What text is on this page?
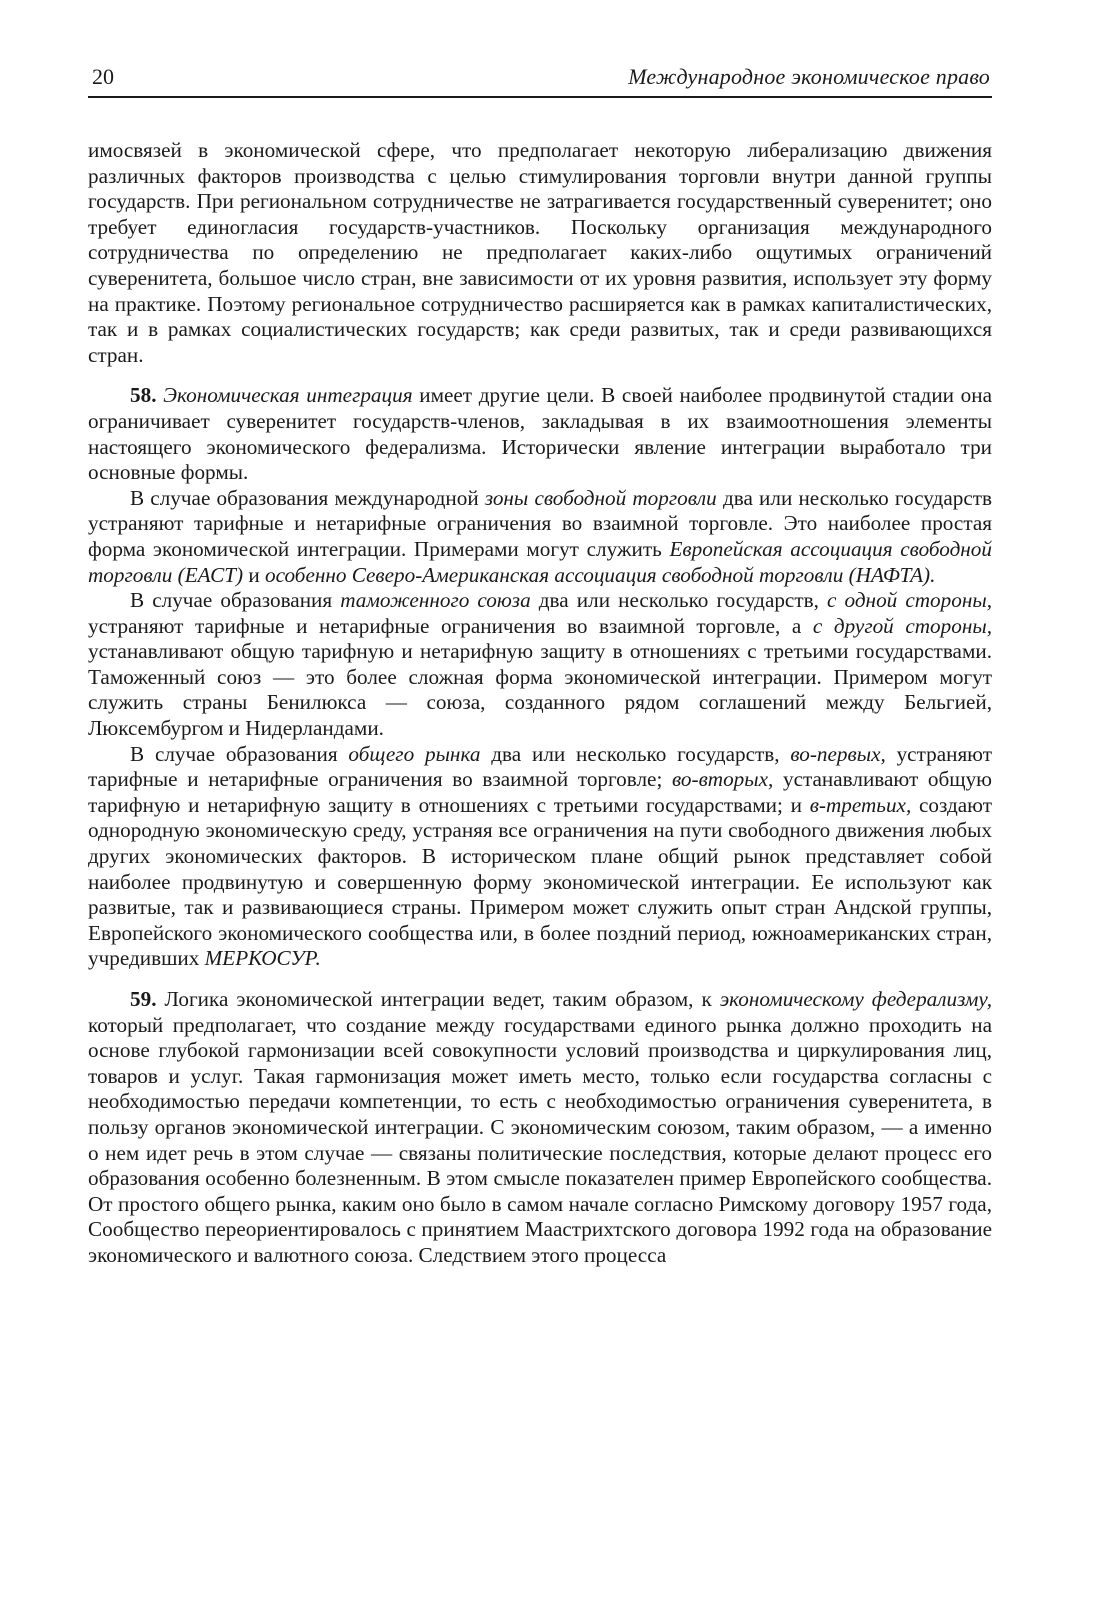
20	Международное экономическое право

имосвязей в экономической сфере, что предполагает некоторую либерализацию движения различных факторов производства с целью стимулирования торговли внутри данной группы государств. При региональном сотрудничестве не затрагивается государственный суверенитет; оно требует единогласия государств-участников. Поскольку организация международного сотрудничества по определению не предполагает каких-либо ощутимых ограничений суверенитета, большое число стран, вне зависимости от их уровня развития, использует эту форму на практике. Поэтому региональное сотрудничество расширяется как в рамках капиталистических, так и в рамках социалистических государств; как среди развитых, так и среди развивающихся стран.

58. Экономическая интеграция имеет другие цели. В своей наиболее продвинутой стадии она ограничивает суверенитет государств-членов, закладывая в их взаимоотношения элементы настоящего экономического федерализма. Исторически явление интеграции выработало три основные формы.

В случае образования международной зоны свободной торговли два или несколько государств устраняют тарифные и нетарифные ограничения во взаимной торговле. Это наиболее простая форма экономической интеграции. Примерами могут служить Европейская ассоциация свободной торговли (ЕАСТ) и особенно Северо-Американская ассоциация свободной торговли (НАФТА).

В случае образования таможенного союза два или несколько государств, с одной стороны, устраняют тарифные и нетарифные ограничения во взаимной торговле, а с другой стороны, устанавливают общую тарифную и нетарифную защиту в отношениях с третьими государствами. Таможенный союз — это более сложная форма экономической интеграции. Примером могут служить страны Бенилюкса — союза, созданного рядом соглашений между Бельгией, Люксембургом и Нидерландами.

В случае образования общего рынка два или несколько государств, во-первых, устраняют тарифные и нетарифные ограничения во взаимной торговле; во-вторых, устанавливают общую тарифную и нетарифную защиту в отношениях с третьими государствами; и в-третьих, создают однородную экономическую среду, устраняя все ограничения на пути свободного движения любых других экономических факторов. В историческом плане общий рынок представляет собой наиболее продвинутую и совершенную форму экономической интеграции. Ее используют как развитые, так и развивающиеся страны. Примером может служить опыт стран Андской группы, Европейского экономического сообщества или, в более поздний период, южноамериканских стран, учредивших МЕРКОСУР.

59. Логика экономической интеграции ведет, таким образом, к экономическому федерализму, который предполагает, что создание между государствами единого рынка должно проходить на основе глубокой гармонизации всей совокупности условий производства и циркулирования лиц, товаров и услуг. Такая гармонизация может иметь место, только если государства согласны с необходимостью передачи компетенции, то есть с необходимостью ограничения суверенитета, в пользу органов экономической интеграции. С экономическим союзом, таким образом, — а именно о нем идет речь в этом случае — связаны политические последствия, которые делают процесс его образования особенно болезненным. В этом смысле показателен пример Европейского сообщества. От простого общего рынка, каким оно было в самом начале согласно Римскому договору 1957 года, Сообщество переориентировалось с принятием Маастрихтского договора 1992 года на образование экономического и валютного союза. Следствием этого процесса
